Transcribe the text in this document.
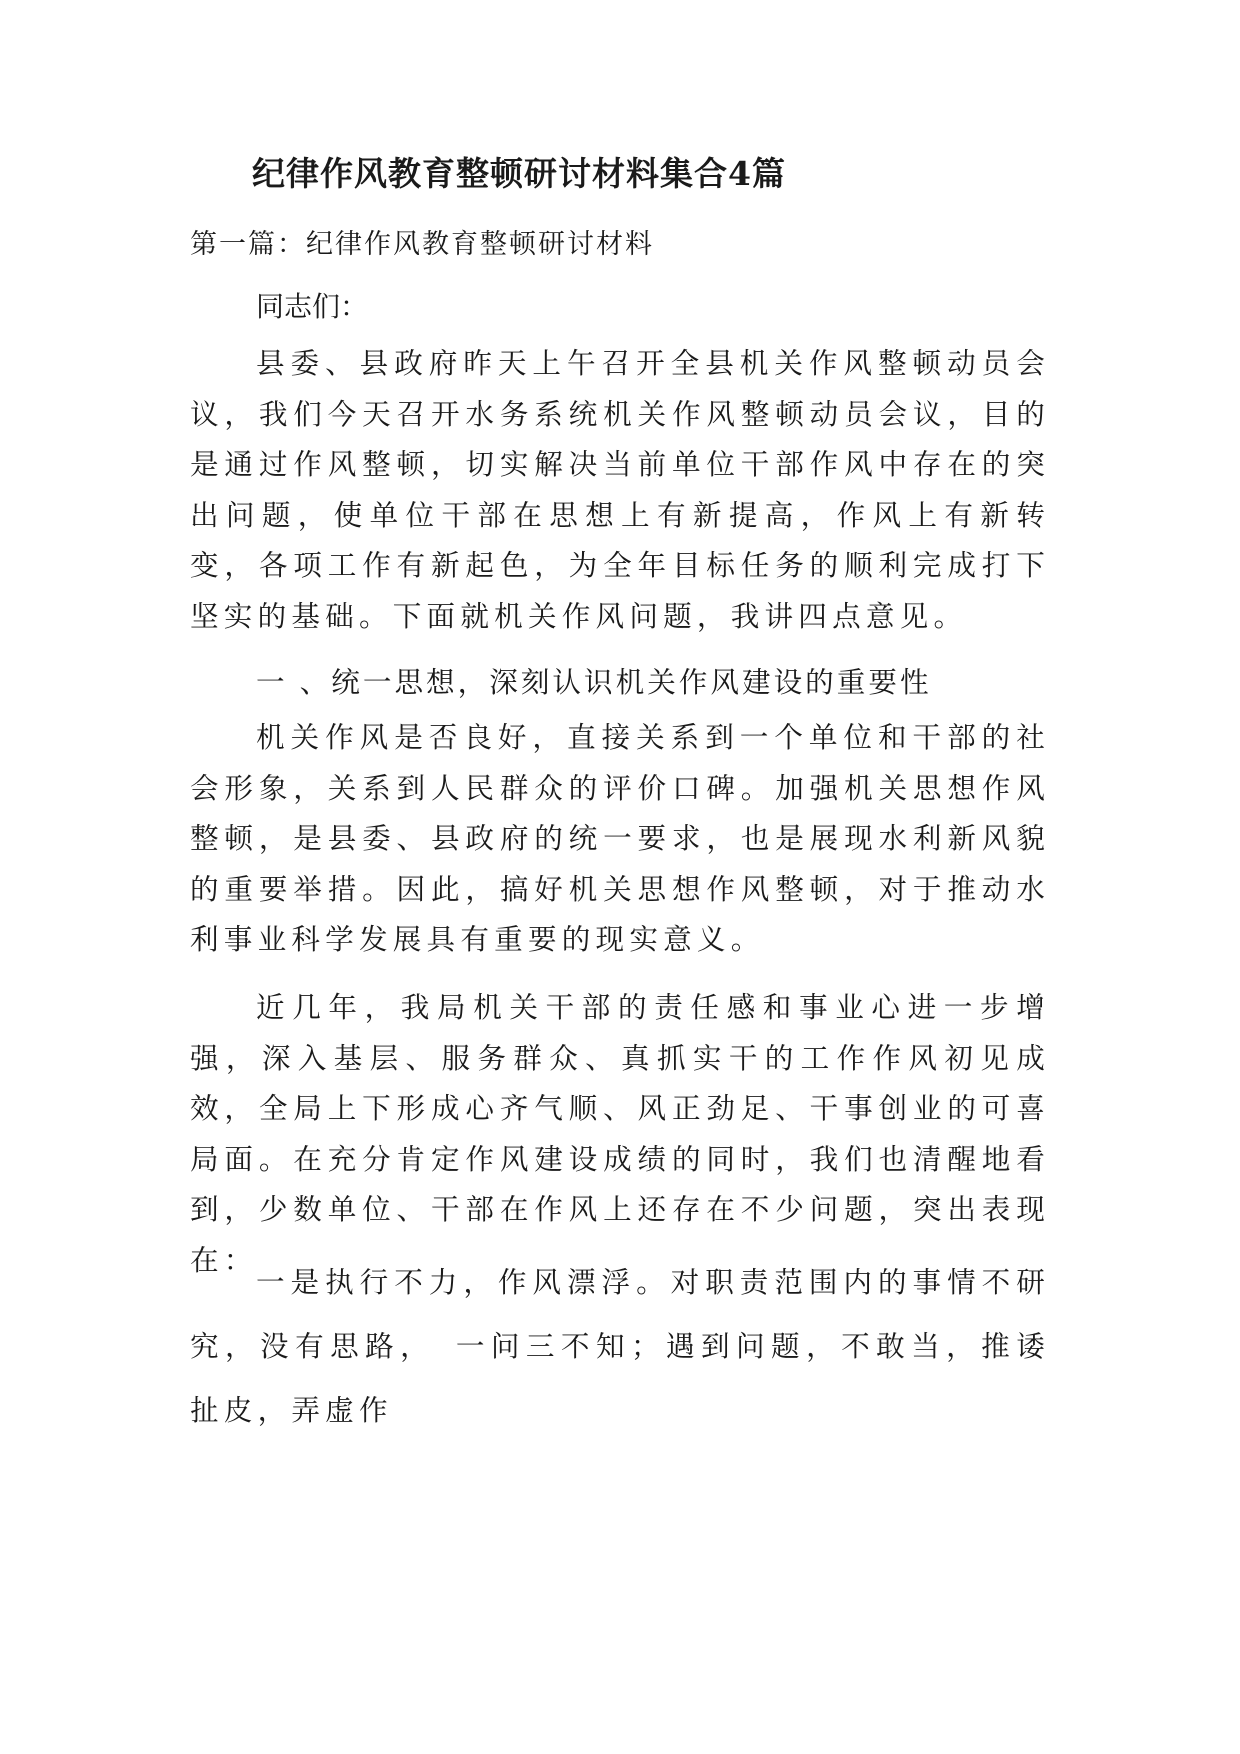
纪律作风教育整顿研讨材料集合4篇
第一篇：纪律作风教育整顿研讨材料
同志们：

县委、县政府昨天上午召开全县机关作风整顿动员会议，我们今天召开水务系统机关作风整顿动员会议，目的是通过作风整顿，切实解决当前单位干部作风中存在的突出问题，使单位干部在思想上有新提高，作风上有新转变，各项工作有新起色，为全年目标任务的顺利完成打下坚实的基础。下面就机关作风问题，我讲四点意见。

一 、统一思想，深刻认识机关作风建设的重要性

机关作风是否良好，直接关系到一个单位和干部的社会形象，关系到人民群众的评价口碑。加强机关思想作风整顿，是县委、县政府的统一要求，也是展现水利新风貌的重要举措。因此，搞好机关思想作风整顿，对于推动水利事业科学发展具有重要的现实意义。

近几年，我局机关干部的责任感和事业心进一步增强，深入基层、服务群众、真抓实干的工作作风初见成效，全局上下形成心齐气顺、风正劲足、干事创业的可喜局面。在充分肯定作风建设成绩的同时，我们也清醒地看到，少数单位、干部在作风上还存在不少问题，突出表现在：

一是执行不力，作风漂浮。对职责范围内的事情不研究，没有思路，　一问三不知；遇到问题，不敢当，推诿扯皮，弄虚作
